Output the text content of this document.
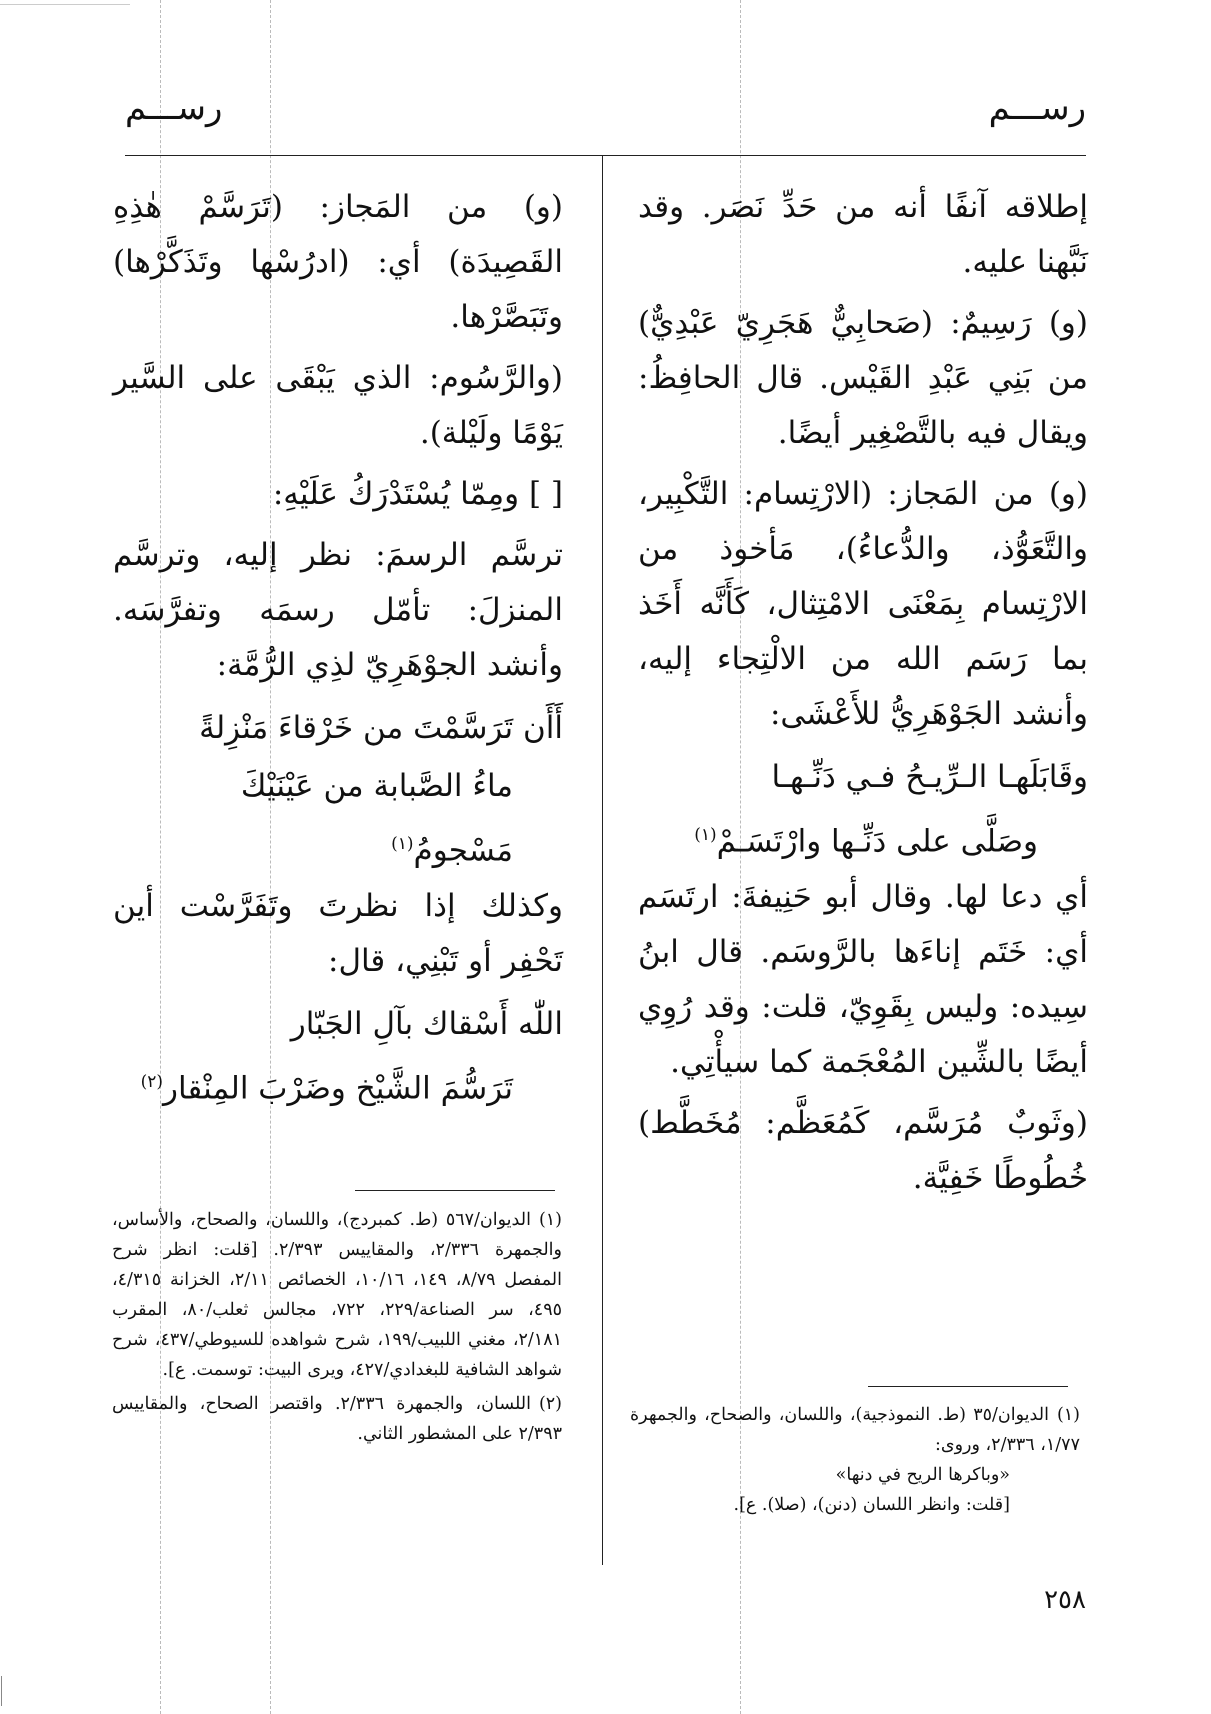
رســـم
رســـم

إطلاقه آنفًا أنه من حَدِّ نَصَر. وقد نَبَّهنا عليه.

(و) رَسِيمٌ: (صَحابِيٌّ هَجَرِيّ عَبْدِيٌّ) من بَنِي عَبْدِ القَيْس. قال الحافِظُ: ويقال فيه بالتَّصْغِير أيضًا.

(و) من المَجاز: (الارْتِسام: التَّكْبِير، والتَّعَوُّذ، والدُّعاءُ)، مَأخوذ من الارْتِسام بِمَعْنَى الامْتِثال، كَأَنَّه أَخَذ بما رَسَم الله من الالْتِجاء إليه، وأنشد الجَوْهَرِيُّ للأَعْشَى:

وقَابَلَهـا الـرِّيـحُ فـي دَنِّـهـا

وصَلَّى على دَنِّـها وارْتَسَـمْ$^{(١)}$

أي دعا لها. وقال أبو حَنِيفةَ: ارتَسَم أي: خَتَم إناءَها بالرَّوسَم. قال ابنُ سِيده: وليس بِقَوِيّ، قلت: وقد رُوِي أيضًا بالشِّين المُعْجَمة كما سيأْتِي.

(وثَوبٌ مُرَسَّم، كَمُعَظَّم: مُخَطَّط) خُطُوطًا خَفِيَّة.

(١)الديوان/٣٥ (ط. النموذجية)، واللسان، والصحاح، والجمهرة ١/٧٧، ٢/٣٣٦، وروى:
«وباكرها الريح في دنها»
[قلت: وانظر اللسان (دنن)، (صلا). ع].

(و) من المَجاز: (تَرَسَّمْ هٰذِهِ القَصِيدَة) أي: (ادرُسْها وتَذَكَّرْها) وتَبَصَّرْها.

(والرَّسُوم: الذي يَبْقَى على السَّير يَوْمًا ولَيْلة).

[ ] ومِمّا يُسْتَدْرَكُ عَلَيْهِ:

ترسَّم الرسمَ: نظر إليه، وترسَّم المنزلَ: تأمّل رسمَه وتفرَّسَه. وأنشد الجوْهَرِيّ لذِي الرُّمَّة:

أَأَن تَرَسَّمْتَ من خَرْقاءَ مَنْزِلةً

ماءُ الصَّبابة من عَيْنَيْكَ مَسْجومُ$^{(١)}$

وكذلك إذا نظرتَ وتَفَرَّسْت أين تَحْفِر أو تَبْنِي، قال:

اللّٰه أَسْقاك بآلِ الجَبّار

تَرَسُّمَ الشَّيْخ وضَرْبَ المِنْقار$^{(٢)}$

(١)الديوان/٥٦٧ (ط. كمبردج)، واللسان، والصحاح، والأساس، والجمهرة ٢/٣٣٦، والمقاييس ٢/٣٩٣. [قلت: انظر شرح المفصل ٨/٧٩، ١٤٩، ١٠/١٦، الخصائص ٢/١١، الخزانة ٤/٣١٥، ٤٩٥، سر الصناعة/٢٢٩، ٧٢٢، مجالس ثعلب/٨٠، المقرب ٢/١٨١، مغني اللبيب/١٩٩، شرح شواهده للسيوطي/٤٣٧، شرح شواهد الشافية للبغدادي/٤٢٧، ويرى البيت: توسمت. ع].
(٢)اللسان، والجمهرة ٢/٣٣٦. واقتصر الصحاح، والمقاييس ٢/٣٩٣ على المشطور الثاني.
٢٥٨
